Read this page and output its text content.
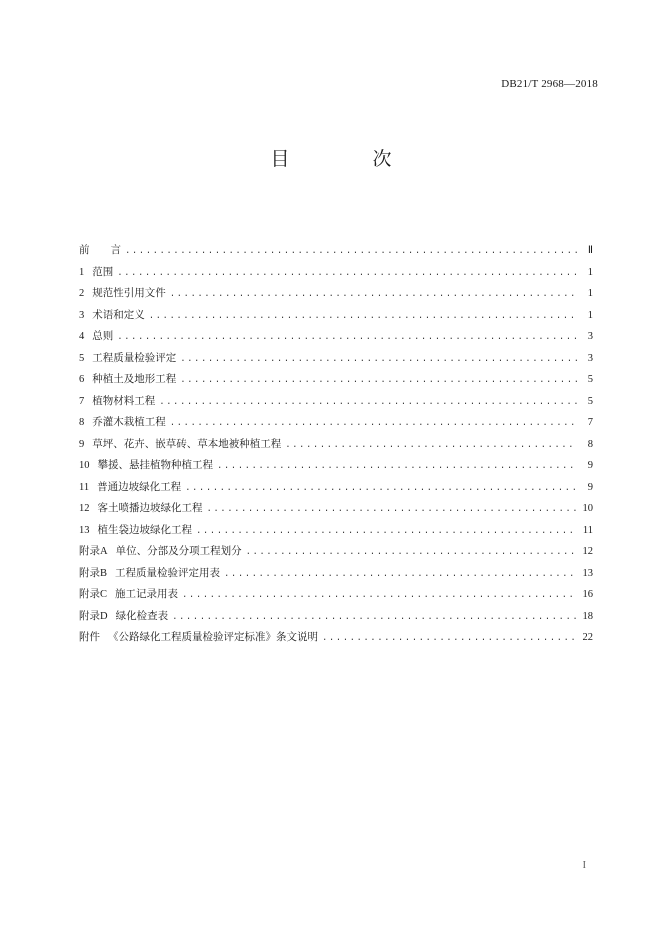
DB21/T 2968—2018
目　次
前　　言 .....	Ⅱ
1 范围 .....	1
2 规范性引用文件 .....	1
3 术语和定义 .....	1
4 总则 .....	3
5 工程质量检验评定 .....	3
6 种植土及地形工程 .....	5
7 植物材料工程 .....	5
8 乔灌木栽植工程 .....	7
9 草坪、花卉、嵌草砖、草本地被种植工程 .....	8
10 攀援、悬挂植物种植工程 .....	9
11 普通边坡绿化工程 .....	9
12 客土喷播边坡绿化工程 .....	10
13 植生袋边坡绿化工程 .....	11
附录A 单位、分部及分项工程划分 .....	12
附录B 工程质量检验评定用表 .....	13
附录C 施工记录用表 .....	16
附录D 绿化检查表 .....	18
附件 《公路绿化工程质量检验评定标准》条文说明 .....	22
I
